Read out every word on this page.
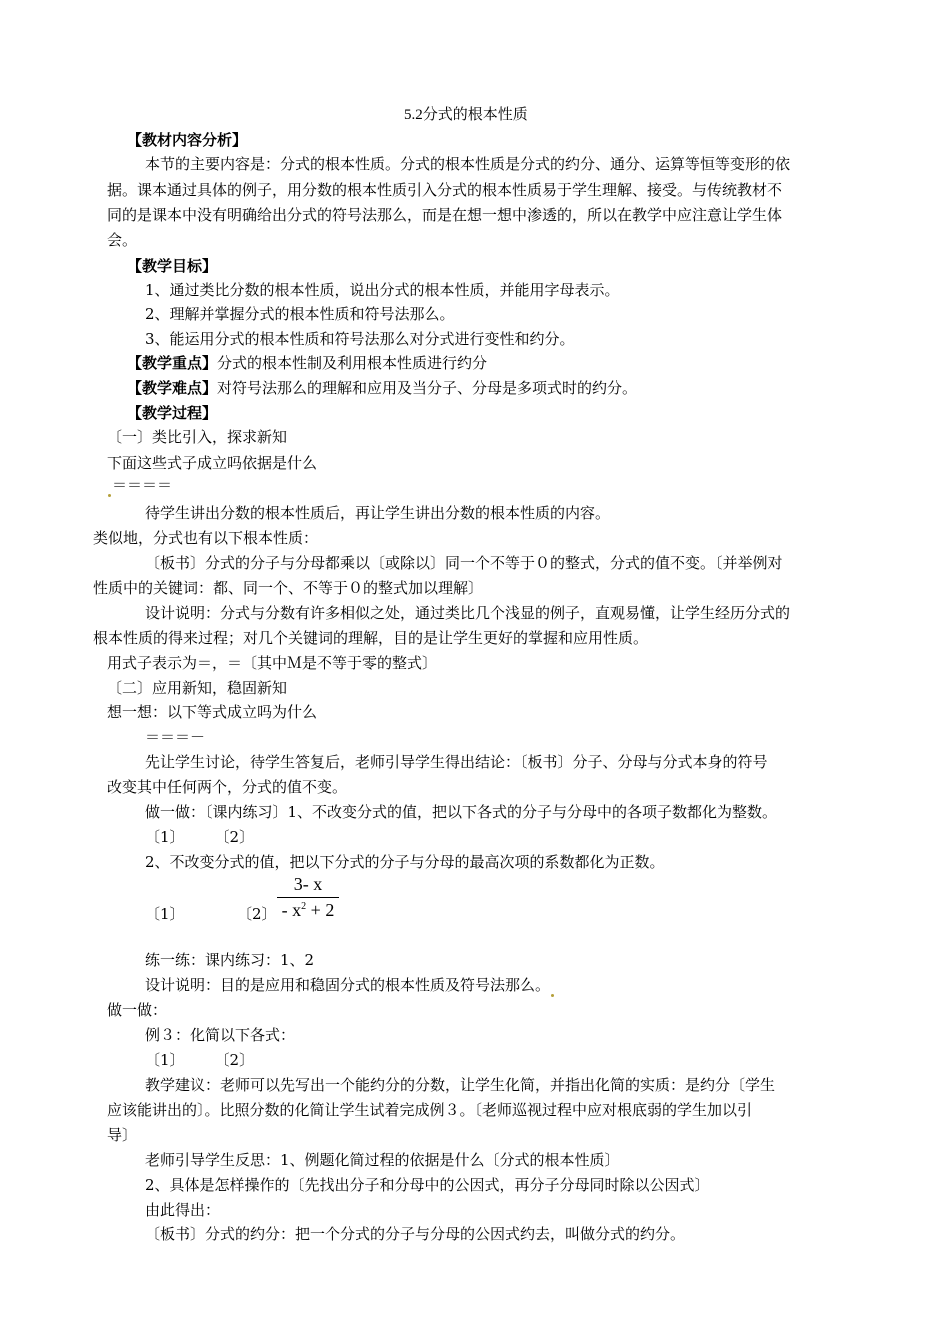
5.2分式的根本性质
【教材内容分析】
本节的主要内容是：分式的根本性质。分式的根本性质是分式的约分、通分、运算等恒等变形的依
据。课本通过具体的例子，用分数的根本性质引入分式的根本性质易于学生理解、接受。与传统教材不
同的是课本中没有明确给出分式的符号法那么，而是在想一想中渗透的，所以在教学中应注意让学生体
会。
【教学目标】
1、通过类比分数的根本性质，说出分式的根本性质，并能用字母表示。
2、理解并掌握分式的根本性质和符号法那么。
3、能运用分式的根本性质和符号法那么对分式进行变性和约分。
【教学重点】分式的根本性制及利用根本性质进行约分
【教学难点】对符号法那么的理解和应用及当分子、分母是多项式时的约分。
【教学过程】
〔一〕类比引入，探求新知
下面这些式子成立吗依据是什么
＝＝＝＝
待学生讲出分数的根本性质后，再让学生讲出分数的根本性质的内容。
类似地，分式也有以下根本性质：
〔板书〕分式的分子与分母都乘以〔或除以〕同一个不等于０的整式，分式的值不变。〔并举例对
性质中的关键词：都、同一个、不等于０的整式加以理解〕
设计说明：分式与分数有许多相似之处，通过类比几个浅显的例子，直观易懂，让学生经历分式的
根本性质的得来过程；对几个关键词的理解，目的是让学生更好的掌握和应用性质。
用式子表示为＝，＝〔其中Ｍ是不等于零的整式〕
〔二〕应用新知，稳固新知
想一想：以下等式成立吗为什么
＝＝＝－
先让学生讨论，待学生答复后，老师引导学生得出结论：〔板书〕分子、分母与分式本身的符号
改变其中任何两个，分式的值不变。
做一做：〔课内练习〕1、不改变分式的值，把以下各式的分子与分母中的各项子数都化为整数。
〔1〕　　　〔2〕
2、不改变分式的值，把以下分式的分子与分母的最高次项的系数都化为正数。
〔1〕	〔2〕
3- x
- $x^2 + 2$
练一练：课内练习：1、2
设计说明：目的是应用和稳固分式的根本性质及符号法那么。
做一做：
例３：化简以下各式：
〔1〕　　　〔2〕
教学建议：老师可以先写出一个能约分的分数，让学生化简，并指出化简的实质：是约分〔学生
应该能讲出的〕。比照分数的化简让学生试着完成例３。〔老师巡视过程中应对根底弱的学生加以引
导〕
老师引导学生反思：1、例题化简过程的依据是什么〔分式的根本性质〕
2、具体是怎样操作的〔先找出分子和分母中的公因式，再分子分母同时除以公因式〕
由此得出：
〔板书〕分式的约分：把一个分式的分子与分母的公因式约去，叫做分式的约分。
